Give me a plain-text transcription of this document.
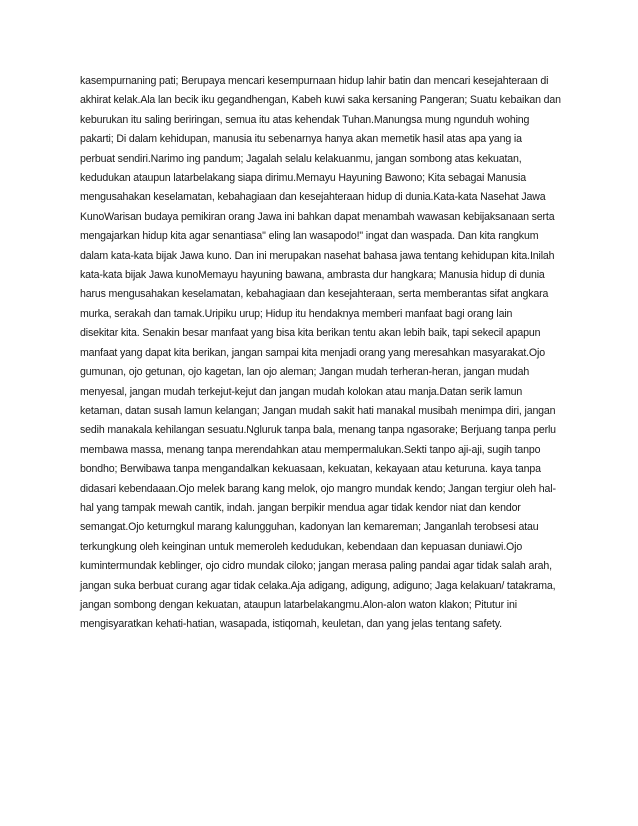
kasempurnaning pati; Berupaya mencari kesempurnaan hidup lahir batin dan mencari kesejahteraan di
akhirat kelak.Ala lan becik iku gegandhengan, Kabeh kuwi saka kersaning Pangeran; Suatu kebaikan dan
keburukan itu saling beriringan, semua itu atas kehendak Tuhan.Manungsa mung ngunduh wohing
pakarti; Di dalam kehidupan, manusia itu sebenarnya hanya akan memetik hasil atas apa yang ia
perbuat sendiri.Narimo ing pandum; Jagalah selalu kelakuanmu, jangan sombong atas kekuatan,
kedudukan ataupun latarbelakang siapa dirimu.Memayu Hayuning Bawono; Kita sebagai Manusia
mengusahakan keselamatan, kebahagiaan dan kesejahteraan hidup di dunia.Kata-kata Nasehat Jawa
KunoWarisan budaya pemikiran orang Jawa ini bahkan dapat menambah wawasan kebijaksanaan serta
mengajarkan hidup kita agar senantiasa" eling lan wasapodo!" ingat dan waspada. Dan kita rangkum
dalam kata-kata bijak Jawa kuno. Dan ini merupakan nasehat bahasa jawa tentang kehidupan kita.Inilah
kata-kata bijak Jawa kunoMemayu hayuning bawana, ambrasta dur hangkara; Manusia hidup di dunia
harus mengusahakan keselamatan, kebahagiaan dan kesejahteraan, serta memberantas sifat angkara
murka, serakah dan tamak.Uripiku urup; Hidup itu hendaknya memberi manfaat bagi orang lain
disekitar kita. Senakin besar manfaat yang bisa kita berikan tentu akan lebih baik, tapi sekecil apapun
manfaat yang dapat kita berikan, jangan sampai kita menjadi orang yang meresahkan masyarakat.Ojo
gumunan, ojo getunan, ojo kagetan, lan ojo aleman; Jangan mudah terheran-heran, jangan mudah
menyesal, jangan mudah terkejut-kejut dan jangan mudah kolokan atau manja.Datan serik lamun
ketaman, datan susah lamun kelangan; Jangan mudah sakit hati manakal musibah menimpa diri, jangan
sedih manakala kehilangan sesuatu.Ngluruk tanpa bala, menang tanpa ngasorake; Berjuang tanpa perlu
membawa massa, menang tanpa merendahkan atau mempermalukan.Sekti tanpo aji-aji, sugih tanpo
bondho; Berwibawa tanpa mengandalkan kekuasaan, kekuatan, kekayaan atau keturuna. kaya tanpa
didasari kebendaaan.Ojo melek barang kang melok, ojo mangro mundak kendo; Jangan tergiur oleh hal-
hal yang tampak mewah cantik, indah. jangan berpikir mendua agar tidak kendor niat dan kendor
semangat.Ojo keturngkul marang kalungguhan, kadonyan lan kemareman; Janganlah terobsesi atau
terkungkung oleh keinginan untuk memeroleh kedudukan, kebendaan dan kepuasan duniawi.Ojo
kumintermundak keblinger, ojo cidro mundak ciloko; jangan merasa paling pandai agar tidak salah arah,
jangan suka berbuat curang agar tidak celaka.Aja adigang, adigung, adiguno; Jaga kelakuan/ tatakrama,
jangan sombong dengan kekuatan, ataupun latarbelakangmu.Alon-alon waton klakon; Pitutur ini
mengisyaratkan kehati-hatian, wasapada, istiqomah, keuletan, dan yang jelas tentang safety.
